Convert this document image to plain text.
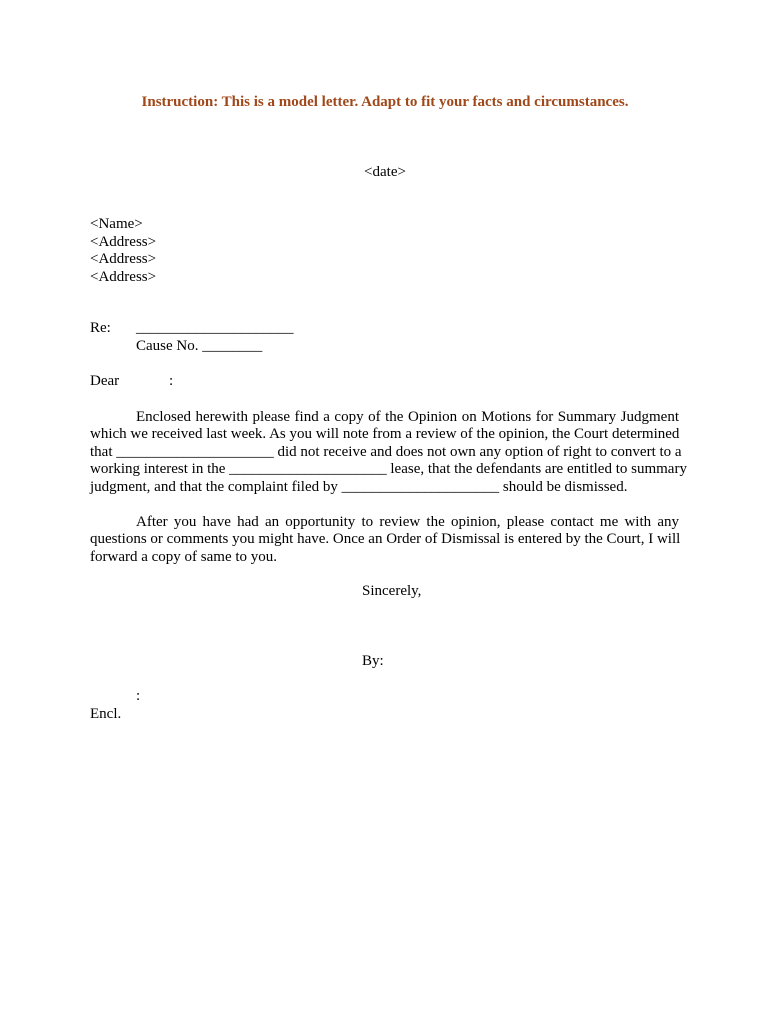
Instruction: This is a model letter. Adapt to fit your facts and circumstances.
<date>
<Name>
<Address>
<Address>
<Address>
Re: _____________________
Cause No. ________
Dear	:
Enclosed herewith please find a copy of the Opinion on Motions for Summary Judgment
which we received last week. As you will note from a review of the opinion, the Court determined
that _____________________ did not receive and does not own any option of right to convert to a
working interest in the _____________________ lease, that the defendants are entitled to summary
judgment, and that the complaint filed by _____________________ should be dismissed.
After you have had an opportunity to review the opinion, please contact me with any
questions or comments you might have. Once an Order of Dismissal is entered by the Court, I will
forward a copy of same to you.
Sincerely,
By:
:
Encl.
